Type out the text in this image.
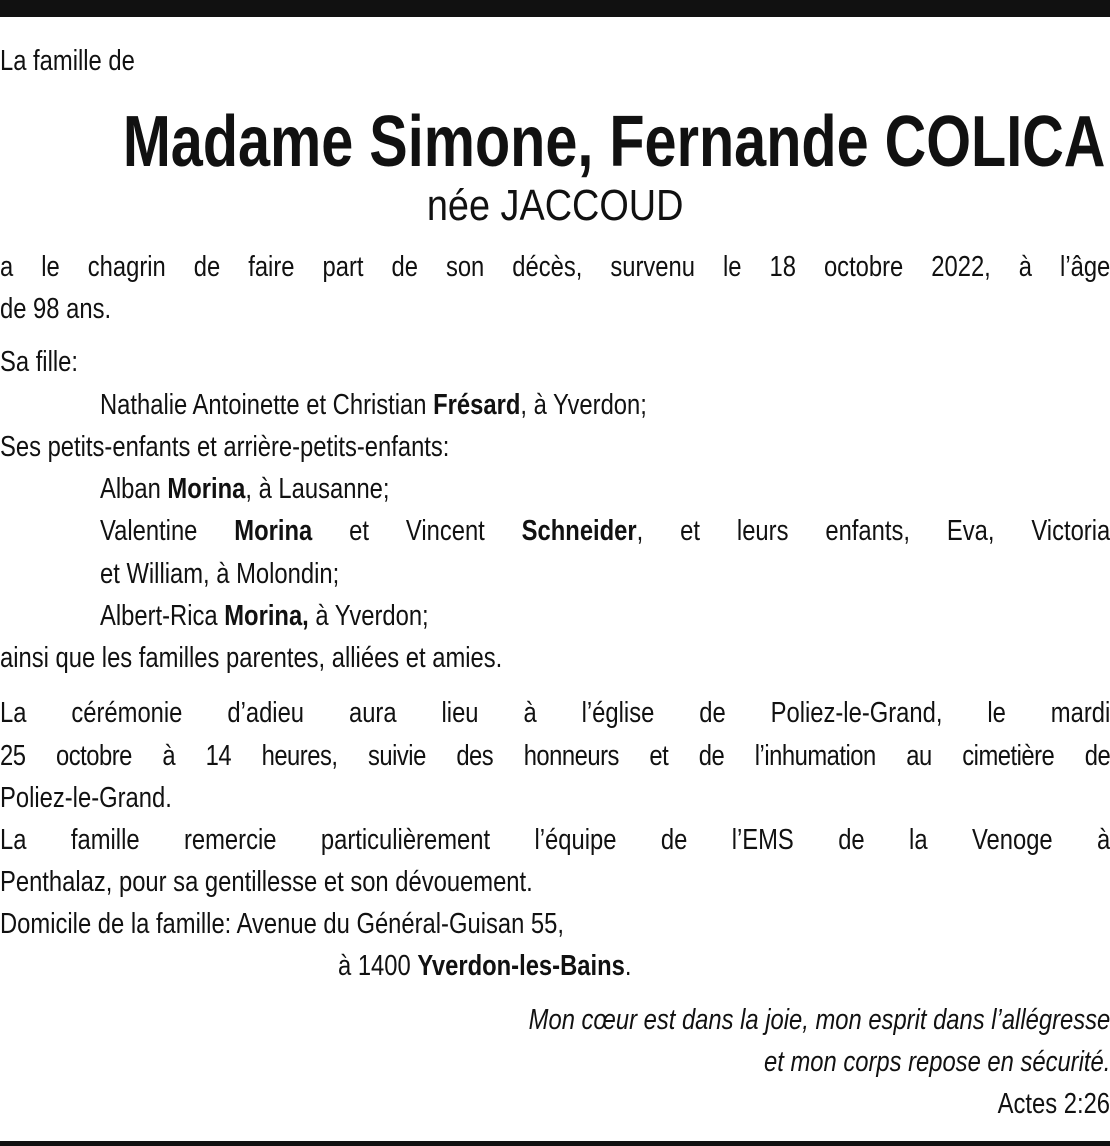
La famille de
Madame Simone, Fernande COLICA
née JACCOUD
a le chagrin de faire part de son décès, survenu le 18 octobre 2022, à l’âge
de 98 ans.
Sa fille:
Nathalie Antoinette et Christian Frésard, à Yverdon;
Ses petits-enfants et arrière-petits-enfants:
Alban Morina, à Lausanne;
Valentine Morina et Vincent Schneider, et leurs enfants, Eva, Victoria
et William, à Molondin;
Albert-Rica Morina, à Yverdon;
ainsi que les familles parentes, alliées et amies.
La cérémonie d’adieu aura lieu à l’église de Poliez-le-Grand, le mardi
25 octobre à 14 heures, suivie des honneurs et de l’inhumation au cimetière de
Poliez-le-Grand.
La famille remercie particulièrement l’équipe de l’EMS de la Venoge à
Penthalaz, pour sa gentillesse et son dévouement.
Domicile de la famille: Avenue du Général-Guisan 55,
à 1400 Yverdon-les-Bains.
Mon cœur est dans la joie, mon esprit dans l’allégresse
et mon corps repose en sécurité.
Actes 2:26
